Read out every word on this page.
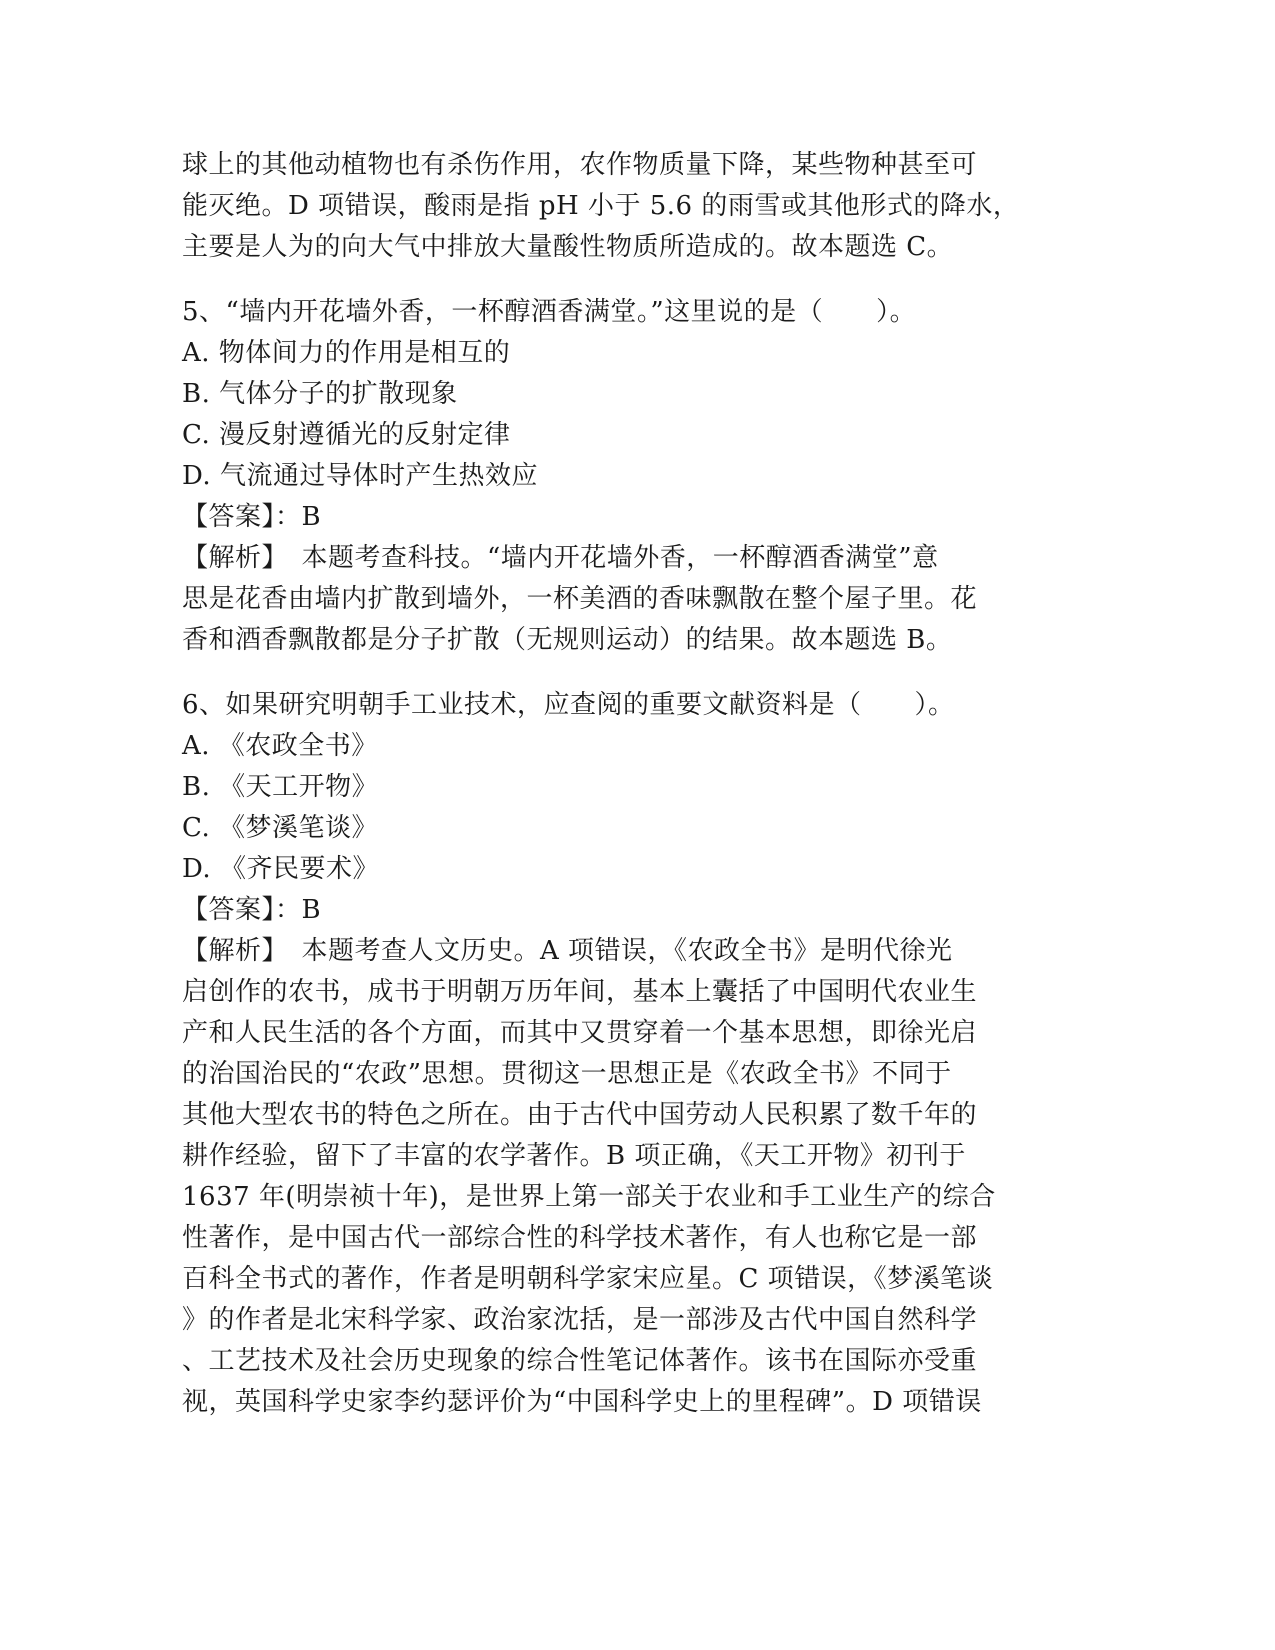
球上的其他动植物也有杀伤作用，农作物质量下降，某些物种甚至可
能灭绝。D 项错误，酸雨是指 pH 小于 5.6 的雨雪或其他形式的降水，
主要是人为的向大气中排放大量酸性物质所造成的。故本题选 C。
5、“墙内开花墙外香，一杯醇酒香满堂。”这里说的是（　　）。
A. 物体间力的作用是相互的
B. 气体分子的扩散现象
C. 漫反射遵循光的反射定律
D. 气流通过导体时产生热效应
【答案】：B
【解析】　本题考查科技。“墙内开花墙外香，一杯醇酒香满堂”意
思是花香由墙内扩散到墙外，一杯美酒的香味飘散在整个屋子里。花
香和酒香飘散都是分子扩散（无规则运动）的结果。故本题选 B。
6、如果研究明朝手工业技术，应查阅的重要文献资料是（　　）。
A. 《农政全书》
B. 《天工开物》
C. 《梦溪笔谈》
D. 《齐民要术》
【答案】：B
【解析】　本题考查人文历史。A 项错误，《农政全书》是明代徐光
启创作的农书，成书于明朝万历年间，基本上囊括了中国明代农业生
产和人民生活的各个方面，而其中又贯穿着一个基本思想，即徐光启
的治国治民的“农政”思想。贯彻这一思想正是《农政全书》不同于
其他大型农书的特色之所在。由于古代中国劳动人民积累了数千年的
耕作经验，留下了丰富的农学著作。B 项正确，《天工开物》初刊于
1637 年(明崇祯十年)，是世界上第一部关于农业和手工业生产的综合
性著作，是中国古代一部综合性的科学技术著作，有人也称它是一部
百科全书式的著作，作者是明朝科学家宋应星。C 项错误，《梦溪笔谈
》的作者是北宋科学家、政治家沈括，是一部涉及古代中国自然科学
、工艺技术及社会历史现象的综合性笔记体著作。该书在国际亦受重
视，英国科学史家李约瑟评价为“中国科学史上的里程碑”。D 项错误
